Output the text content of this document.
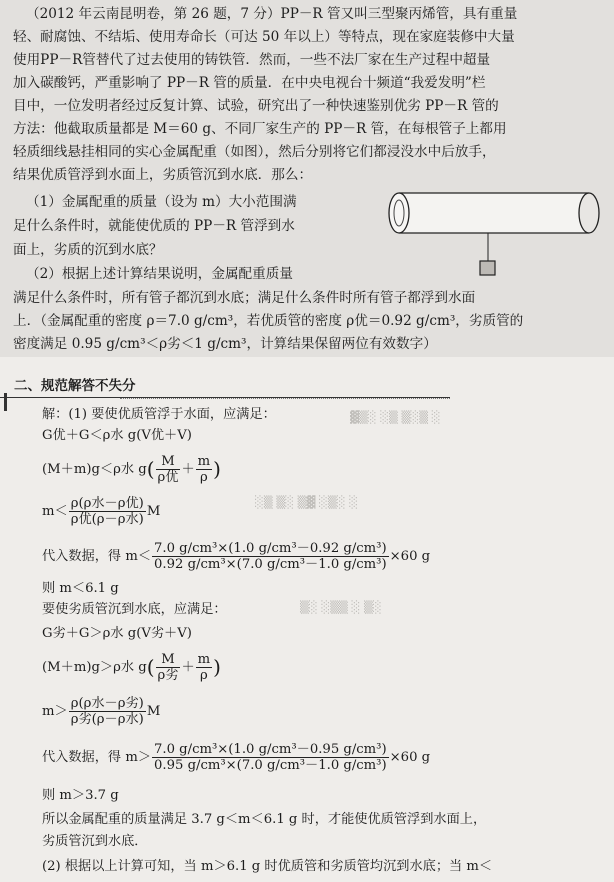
（2012 年云南昆明卷，第 26 题，7 分）PP－R 管又叫三型聚丙烯管，具有重量
轻、耐腐蚀、不结垢、使用寿命长（可达 50 年以上）等特点，现在家庭装修中大量
使用PP－R管替代了过去使用的铸铁管．然而，一些不法厂家在生产过程中超量
加入碳酸钙，严重影响了 PP－R 管的质量．在中央电视台十频道“我爱发明”栏
目中，一位发明者经过反复计算、试验，研究出了一种快速鉴别优劣 PP－R 管的
方法：他截取质量都是 M＝60 g、不同厂家生产的 PP－R 管，在每根管子上都用
轻质细线悬挂相同的实心金属配重（如图），然后分别将它们都浸没水中后放手，
结果优质管浮到水面上，劣质管沉到水底．那么：
（1）金属配重的质量（设为 m）大小范围满
足什么条件时，就能使优质的 PP－R 管浮到水
面上，劣质的沉到水底？
（2）根据上述计算结果说明，金属配重质量
满足什么条件时，所有管子都沉到水底；满足什么条件时所有管子都浮到水面
上．（金属配重的密度 ρ＝7.0 g/cm³，若优质管的密度 ρ优＝0.92 g/cm³，劣质管的
密度满足 0.95 g/cm³＜ρ劣＜1 g/cm³，计算结果保留两位有效数字）
二、规范解答不失分
▓▒░ ░▒ ▒░▒ ░
░▒ ▒░ ▒▓ ░▒░ ░
▒░ ░▒▒ ░ ▒░
解：(1) 要使优质管浮于水面，应满足：
G优＋G＜ρ水 g(V优＋V)
(M＋m)g＜ρ水 g ( $\frac{M}{\text{ρ优}} + \frac{m}{\rho}$ )
$m< \frac{\text{ρ(ρ水－ρ优)}}{\text{ρ优(ρ－ρ水)}}$ M
代入数据，得 $m< \frac{\text{7.0 g/cm³×(1.0 g/cm³－0.92 g/cm³)}}{\text{0.92 g/cm³×(7.0 g/cm³－1.0 g/cm³)}} \times 60$ g
则 m＜6.1 g
要使劣质管沉到水底，应满足：
G劣＋G＞ρ水 g(V劣＋V)
(M＋m)g＞ρ水 g ( $\frac{M}{\text{ρ劣}} + \frac{m}{\rho}$ )
$m> \frac{\text{ρ(ρ水－ρ劣)}}{\text{ρ劣(ρ－ρ水)}}$ M
代入数据，得 $m> \frac{\text{7.0 g/cm³×(1.0 g/cm³－0.95 g/cm³)}}{\text{0.95 g/cm³×(7.0 g/cm³－1.0 g/cm³)}} \times 60$ g
则 m＞3.7 g
所以金属配重的质量满足 3.7 g＜m＜6.1 g 时，才能使优质管浮到水面上，
劣质管沉到水底．
(2) 根据以上计算可知，当 m＞6.1 g 时优质管和劣质管均沉到水底；当 m＜
